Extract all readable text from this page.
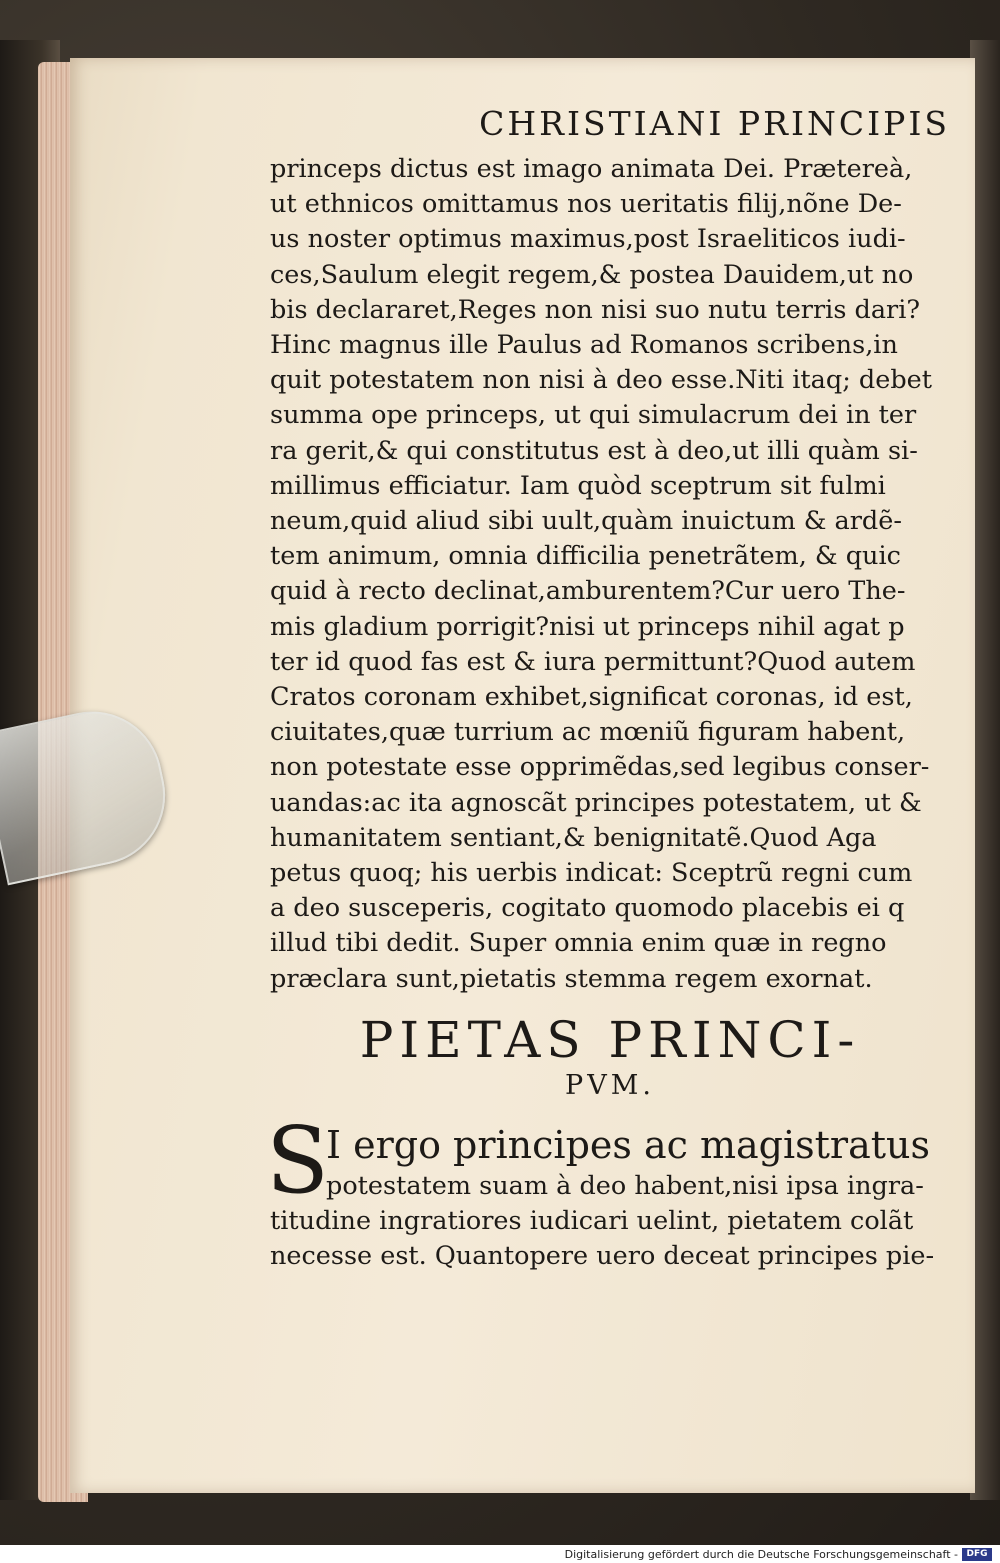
CHRISTIANI PRINCIPIS

princeps dictus est imago animata Dei. Prætereà,
ut ethnicos omittamus nos ueritatis filij,nõne De-
us noster optimus maximus,post Israeliticos iudi-
ces,Saulum elegit regem,& postea Dauidem,ut no
bis declararet,Reges non nisi suo nutu terris dari?
Hinc magnus ille Paulus ad Romanos scribens,in
quit potestatem non nisi à deo esse.Niti itaq; debet
summa ope princeps, ut qui simulacrum dei in ter
ra gerit,& qui constitutus est à deo,ut illi quàm si-
millimus efficiatur. Iam quòd sceptrum sit fulmi
neum,quid aliud sibi uult,quàm inuictum & ardẽ-
tem animum, omnia difficilia penetrãtem, & quic
quid à recto declinat,amburentem?Cur uero The-
mis gladium porrigit?nisi ut princeps nihil agat p
ter id quod fas est & iura permittunt?Quod autem
Cratos coronam exhibet,significat coronas, id est,
ciuitates,quæ turrium ac mœniũ figuram habent,
non potestate esse opprimẽdas,sed legibus conser-
uandas:ac ita agnoscãt principes potestatem, ut &
humanitatem sentiant,& benignitatẽ.Quod Aga
petus quoq; his uerbis indicat: Sceptrũ regni cum
a deo susceperis, cogitato quomodo placebis ei q
illud tibi dedit. Super omnia enim quæ in regno
præclara sunt,pietatis stemma regem exornat.

PIETAS PRINCI-
PVM.
S
I ergo principes ac magistratus
potestatem suam à deo habent,nisi ipsa ingra-
titudine ingratiores iudicari uelint, pietatem colãt
necesse est. Quantopere uero deceat principes pie-
Digitalisierung gefördert durch die Deutsche Forschungsgemeinschaft - DFG
